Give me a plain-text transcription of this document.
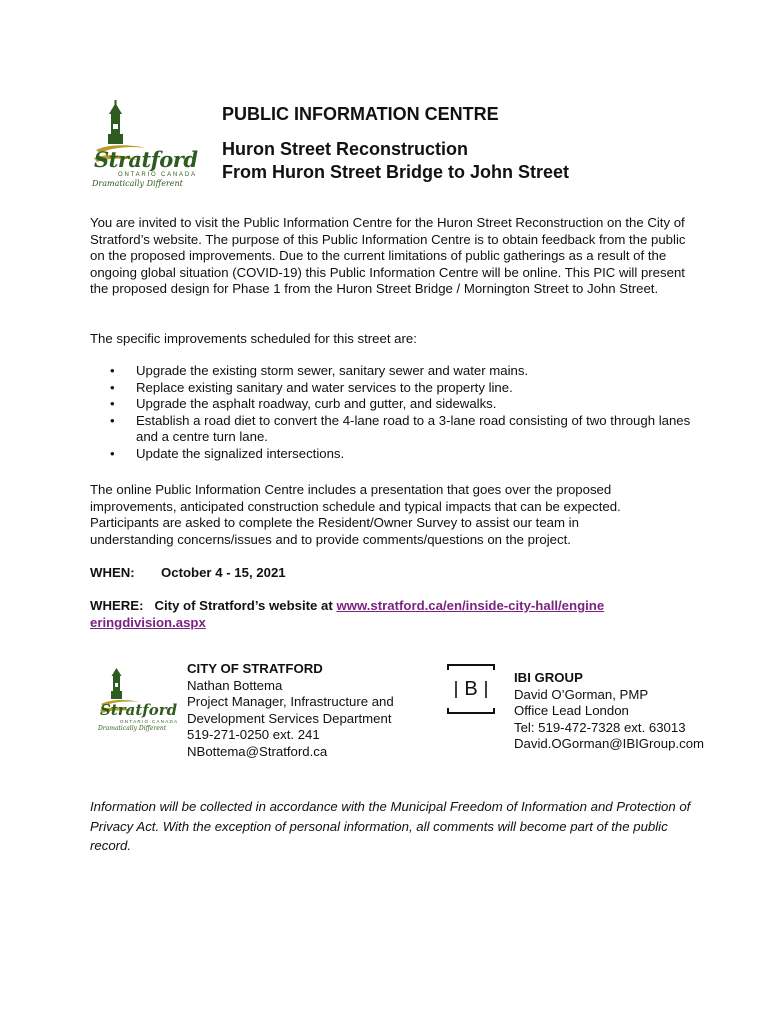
Stratford
ONTARIO CANADA
Dramatically Different
PUBLIC INFORMATION CENTRE
Huron Street Reconstruction
From Huron Street Bridge to John Street
You are invited to visit the Public Information Centre for the Huron Street Reconstruction on the City of Stratford’s website. The purpose of this Public Information Centre is to obtain feedback from the public on the proposed improvements. Due to the current limitations of public gatherings as a result of the ongoing global situation (COVID-19) this Public Information Centre will be online. This PIC will present the proposed design for Phase 1 from the Huron Street Bridge / Mornington Street to John Street.
The specific improvements scheduled for this street are:
• Upgrade the existing storm sewer, sanitary sewer and water mains.
• Replace existing sanitary and water services to the property line.
• Upgrade the asphalt roadway, curb and gutter, and sidewalks.
• Establish a road diet to convert the 4-lane road to a 3-lane road consisting of two through lanes and a centre turn lane.
• Update the signalized intersections.
The online Public Information Centre includes a presentation that goes over the proposed improvements, anticipated construction schedule and typical impacts that can be expected. Participants are asked to complete the Resident/Owner Survey to assist our team in understanding concerns/issues and to provide comments/questions on the project.
WHEN: October 4 - 15, 2021
WHERE: City of Stratford’s website at www.stratford.ca/en/inside-city-hall/engineeringdivision.aspx
Stratford
ONTARIO CANADA
Dramatically Different
CITY OF STRATFORD
Nathan Bottema
Project Manager, Infrastructure and Development Services Department
519-271-0250 ext. 241
NBottema@Stratford.ca
B
IBI GROUP
David O’Gorman, PMP
Office Lead London
Tel: 519-472-7328 ext. 63013
David.OGorman@IBIGroup.com
Information will be collected in accordance with the Municipal Freedom of Information and Protection of Privacy Act. With the exception of personal information, all comments will become part of the public record.
